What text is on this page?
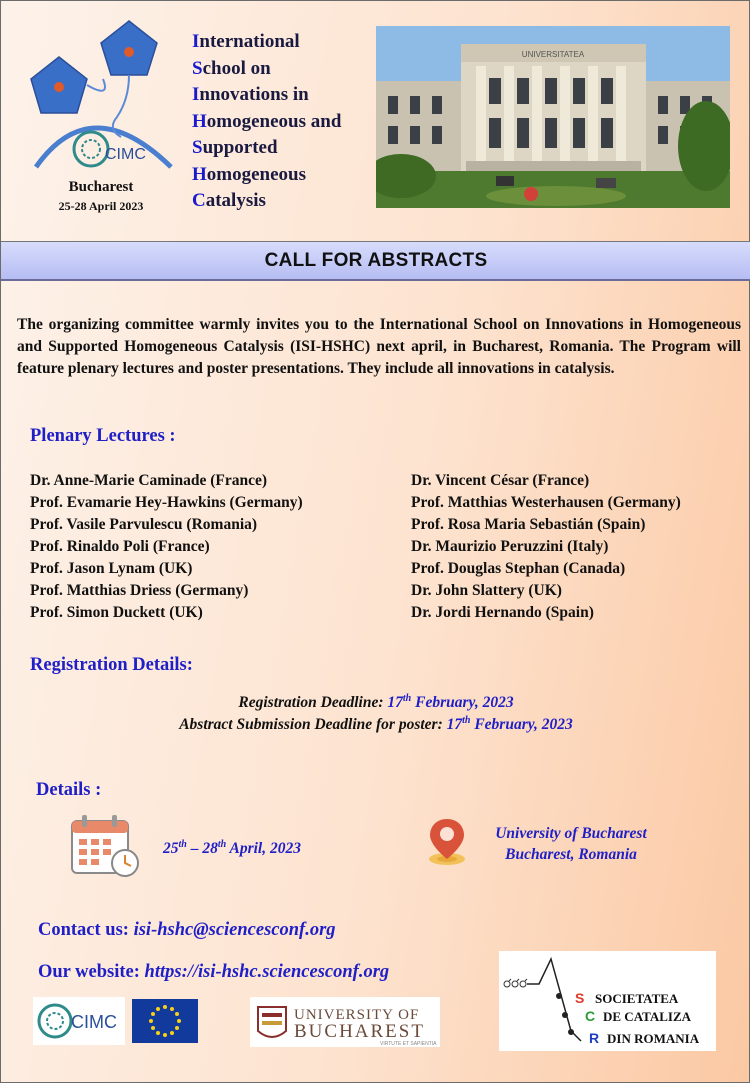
CIMC
Bucharest
25-28 April 2023
International
School on
Innovations in
Homogeneous and
Supported
Homogeneous
Catalysis
UNIVERSITATEA
CALL FOR ABSTRACTS

The organizing committee warmly invites you to the International School on Innovations in Homogeneous and Supported Homogeneous Catalysis (ISI-HSHC) next april, in Bucharest, Romania. The Program will feature plenary lectures and poster presentations. They include all innovations in catalysis.

Plenary Lectures :
Dr. Anne-Marie Caminade (France)
Prof. Evamarie Hey-Hawkins (Germany)
Prof. Vasile Parvulescu (Romania)
Prof. Rinaldo Poli (France)
Prof. Jason Lynam (UK)
Prof. Matthias Driess (Germany)
Prof. Simon Duckett (UK)
Dr. Vincent César (France)
Prof. Matthias Westerhausen (Germany)
Prof. Rosa Maria Sebastián (Spain)
Dr. Maurizio Peruzzini (Italy)
Prof. Douglas Stephan (Canada)
Dr. John Slattery (UK)
Dr. Jordi Hernando (Spain)
Registration Details:
Registration Deadline: 17th February, 2023
Abstract Submission Deadline for poster: 17th February, 2023
Details :
25th – 28th April, 2023
University of Bucharest
Bucharest, Romania
Contact us: isi-hshc@sciencesconf.org
Our website: https://isi-hshc.sciencesconf.org
CIMC	UNIVERSITY OF
BUCHAREST
VIRTUTE ET SAPIENTIA
S
C
R
SOCIETATEA
DE CATALIZA
DIN ROMANIA
